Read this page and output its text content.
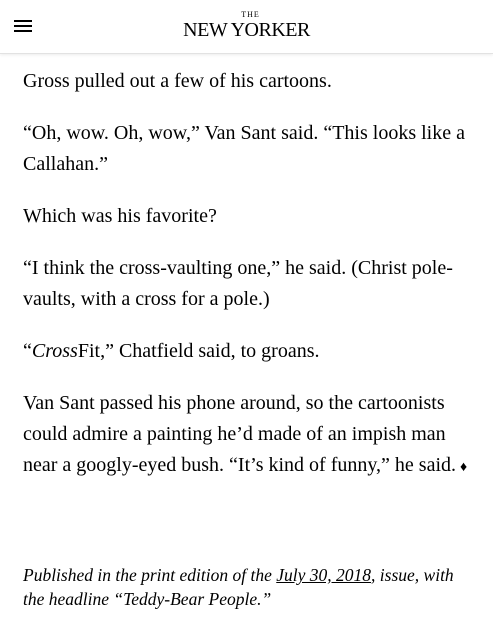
THE
NEW YORKER

Gross pulled out a few of his cartoons.

“Oh, wow. Oh, wow,” Van Sant said. “This looks like a Callahan.”

Which was his favorite?

“I think the cross-vaulting one,” he said. (Christ pole-vaults, with a cross for a pole.)

“CrossFit,” Chatfield said, to groans.

Van Sant passed his phone around, so the cartoonists could admire a painting he’d made of an impish man near a googly-eyed bush. “It’s kind of funny,” he said. ♦

Published in the print edition of the July 30, 2018, issue, with the headline “Teddy-Bear People.”
